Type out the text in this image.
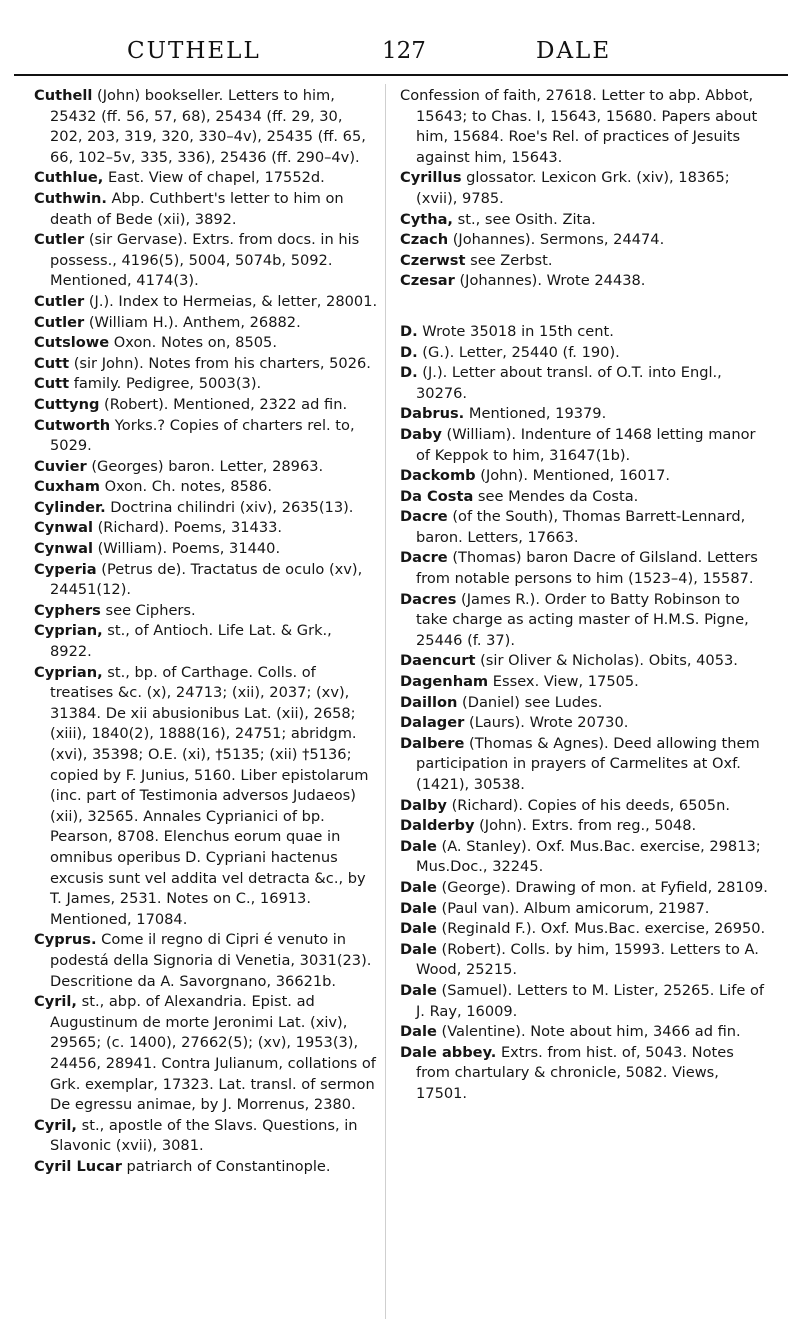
CUTHELL	127	DALE

Cuthell (John) bookseller. Letters to him, 25432 (ff. 56, 57, 68), 25434 (ff. 29, 30, 202, 203, 319, 320, 330–4v), 25435 (ff. 65, 66, 102–5v, 335, 336), 25436 (ff. 290–4v).

Cuthlue, East. View of chapel, 17552d.

Cuthwin. Abp. Cuthbert's letter to him on death of Bede (xii), 3892.

Cutler (sir Gervase). Extrs. from docs. in his possess., 4196(5), 5004, 5074b, 5092. Mentioned, 4174(3).

Cutler (J.). Index to Hermeias, & letter, 28001.

Cutler (William H.). Anthem, 26882.

Cutslowe Oxon. Notes on, 8505.

Cutt (sir John). Notes from his charters, 5026.

Cutt family. Pedigree, 5003(3).

Cuttyng (Robert). Mentioned, 2322 ad fin.

Cutworth Yorks.? Copies of charters rel. to, 5029.

Cuvier (Georges) baron. Letter, 28963.

Cuxham Oxon. Ch. notes, 8586.

Cylinder. Doctrina chilindri (xiv), 2635(13).

Cynwal (Richard). Poems, 31433.

Cynwal (William). Poems, 31440.

Cyperia (Petrus de). Tractatus de oculo (xv), 24451(12).

Cyphers see Ciphers.

Cyprian, st., of Antioch. Life Lat. & Grk., 8922.

Cyprian, st., bp. of Carthage. Colls. of treatises &c. (x), 24713; (xii), 2037; (xv), 31384. De xii abusionibus Lat. (xii), 2658; (xiii), 1840(2), 1888(16), 24751; abridgm. (xvi), 35398; O.E. (xi), †5135; (xii) †5136; copied by F. Junius, 5160. Liber epistolarum (inc. part of Testimonia adversos Judaeos) (xii), 32565. Annales Cyprianici of bp. Pearson, 8708. Elenchus eorum quae in omnibus operibus D. Cypriani hactenus excusis sunt vel addita vel detracta &c., by T. James, 2531. Notes on C., 16913. Mentioned, 17084.

Cyprus. Come il regno di Cipri é venuto in podestá della Signoria di Venetia, 3031(23). Descritione da A. Savorgnano, 36621b.

Cyril, st., abp. of Alexandria. Epist. ad Augustinum de morte Jeronimi Lat. (xiv), 29565; (c. 1400), 27662(5); (xv), 1953(3), 24456, 28941. Contra Julianum, collations of Grk. exemplar, 17323. Lat. transl. of sermon De egressu animae, by J. Morrenus, 2380.

Cyril, st., apostle of the Slavs. Questions, in Slavonic (xvii), 3081.

Cyril Lucar patriarch of Constantinople.

Confession of faith, 27618. Letter to abp. Abbot, 15643; to Chas. I, 15643, 15680. Papers about him, 15684. Roe's Rel. of practices of Jesuits against him, 15643.

Cyrillus glossator. Lexicon Grk. (xiv), 18365; (xvii), 9785.

Cytha, st., see Osith. Zita.

Czach (Johannes). Sermons, 24474.

Czerwst see Zerbst.

Czesar (Johannes). Wrote 24438.

D. Wrote 35018 in 15th cent.

D. (G.). Letter, 25440 (f. 190).

D. (J.). Letter about transl. of O.T. into Engl., 30276.

Dabrus. Mentioned, 19379.

Daby (William). Indenture of 1468 letting manor of Keppok to him, 31647(1b).

Dackomb (John). Mentioned, 16017.

Da Costa see Mendes da Costa.

Dacre (of the South), Thomas Barrett-Lennard, baron. Letters, 17663.

Dacre (Thomas) baron Dacre of Gilsland. Letters from notable persons to him (1523–4), 15587.

Dacres (James R.). Order to Batty Robinson to take charge as acting master of H.M.S. Pigne, 25446 (f. 37).

Daencurt (sir Oliver & Nicholas). Obits, 4053.

Dagenham Essex. View, 17505.

Daillon (Daniel) see Ludes.

Dalager (Laurs). Wrote 20730.

Dalbere (Thomas & Agnes). Deed allowing them participation in prayers of Carmelites at Oxf. (1421), 30538.

Dalby (Richard). Copies of his deeds, 6505n.

Dalderby (John). Extrs. from reg., 5048.

Dale (A. Stanley). Oxf. Mus.Bac. exercise, 29813; Mus.Doc., 32245.

Dale (George). Drawing of mon. at Fyfield, 28109.

Dale (Paul van). Album amicorum, 21987.

Dale (Reginald F.). Oxf. Mus.Bac. exercise, 26950.

Dale (Robert). Colls. by him, 15993. Letters to A. Wood, 25215.

Dale (Samuel). Letters to M. Lister, 25265. Life of J. Ray, 16009.

Dale (Valentine). Note about him, 3466 ad fin.

Dale abbey. Extrs. from hist. of, 5043. Notes from chartulary & chronicle, 5082. Views, 17501.
